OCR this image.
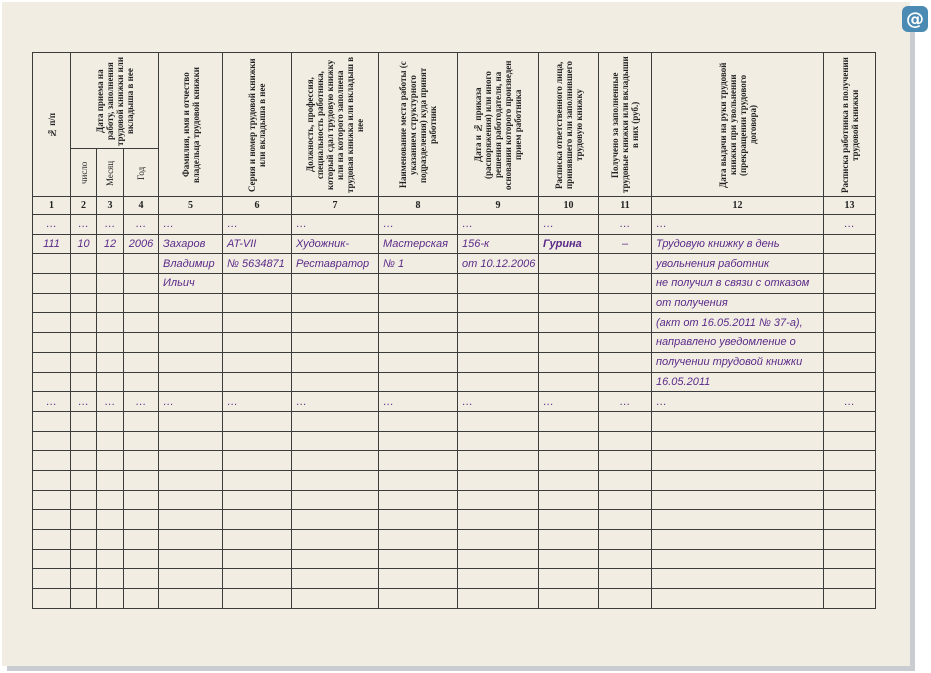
@
№ п/п	Дата приема на работу, заполнения трудовой книжки или вкладыша в нее			Фамилия, имя и отчество владельца трудовой книжки	Серия и номер трудовой книжки или вкладыша в нее	Должность, профессия, специальность работника, который сдал трудовую книжку или на которого заполнена трудовая книжка или вкладыш в нее	Наименование места работы (с указанием структурного подразделения) куда принят работник	Дата и № приказа (распоряжения) или иного решения работодателя, на основании которого произведен прием работника	Расписка ответственного лица, принявшего или заполнившего трудовую книжку	Получено за заполненные трудовые книжки или вкладыши в них (руб.)	Дата выдачи на руки трудовой книжки при увольнении (прекращении трудового договора)	Расписка работника в получении трудовой книжки

число	Месяц	Год									

1	2	3	4	5	6	7	8	9	10	11	12	13
…	…	…	…	…	…	…	…	…	…	…	…	…
111	10	12	2006	Захаров	AT-VII	Художник-	Мастерская	156-к	Гурина	–	Трудовую книжку в день	
				Владимир	№ 5634871	Реставратор	№ 1	от 10.12.2006			увольнения работник	
				Ильич							не получил в связи с отказом	
											от получения	
											(акт от 16.05.2011 № 37-а),	
											направлено уведомление о	
											получении трудовой книжки	
											16.05.2011	
…	…	…	…	…	…	…	…	…	…	…	…	…
